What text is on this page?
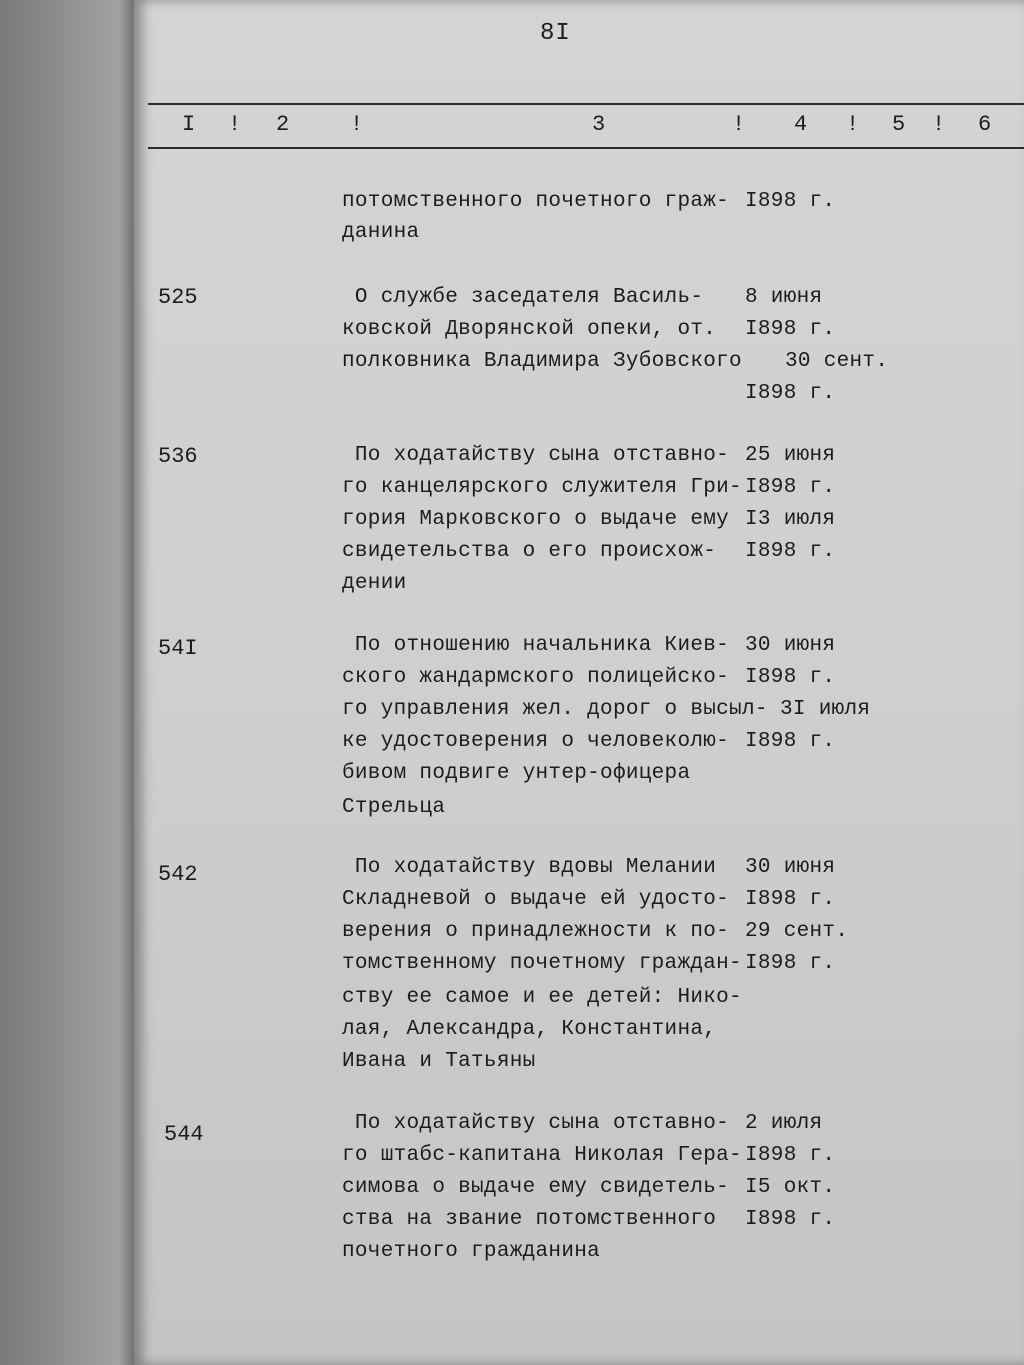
8I
I ! 2	!	3	! 4 ! 5 ! 6
потомственного почетного граж-
данина
I898 г.
525	О службе заседателя Василь-
ковской Дворянской опеки, от.
полковника Владимира Зубовского
8 июня
I898 г.
30 сент.
I898 г.
536	По ходатайству сына отставно-
го канцелярского служителя Гри-
гория Марковского о выдаче ему
свидетельства о его происхож-
дении
25 июня
I898 г.
I3 июля
I898 г.
54I	По отношению начальника Киев-
ского жандармского полицейско-
го управления жел. дорог о высыл-
ке удостоверения о человеколю-
бивом подвиге унтер-офицера
Стрельца
30 июня
I898 г.
3I июля
I898 г.
542	По ходатайству вдовы Мелании
Складневой о выдаче ей удосто-
верения о принадлежности к по-
томственному почетному граждан-
ству ее самое и ее детей: Нико-
лая, Александра, Константина,
Ивана и Татьяны
30 июня
I898 г.
29 сент.
I898 г.
544	По ходатайству сына отставно-
го штабс-капитана Николая Гера-
симова о выдаче ему свидетель-
ства на звание потомственного
почетного гражданина
2 июля
I898 г.
I5 окт.
I898 г.
